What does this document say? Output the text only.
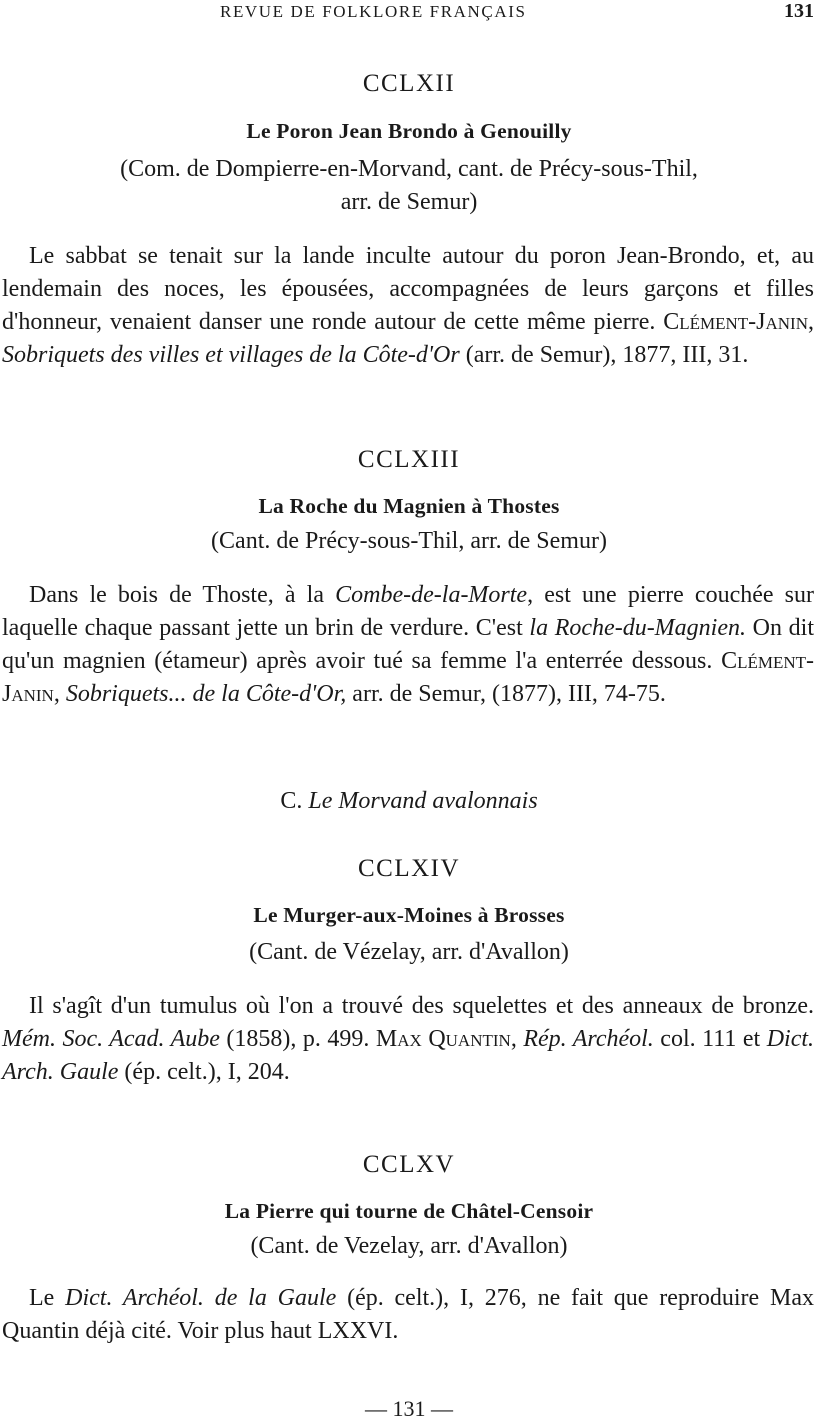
REVUE DE FOLKLORE FRANÇAIS	131
CCLXII
Le Poron Jean Brondo à Genouilly
(Com. de Dompierre-en-Morvand, cant. de Précy-sous-Thil,
arr. de Semur)

Le sabbat se tenait sur la lande inculte autour du poron Jean-Brondo, et, au lendemain des noces, les épousées, accompagnées de leurs garçons et filles d'honneur, venaient danser une ronde autour de cette même pierre. Clément-Janin, Sobriquets des villes et villages de la Côte-d'Or (arr. de Semur), 1877, III, 31.

CCLXIII
La Roche du Magnien à Thostes
(Cant. de Précy-sous-Thil, arr. de Semur)

Dans le bois de Thoste, à la Combe-de-la-Morte, est une pierre couchée sur laquelle chaque passant jette un brin de verdure. C'est la Roche-du-Magnien. On dit qu'un magnien (étameur) après avoir tué sa femme l'a enterrée dessous. Clément-Janin, Sobriquets... de la Côte-d'Or, arr. de Semur, (1877), III, 74-75.

C. Le Morvand avalonnais
CCLXIV
Le Murger-aux-Moines à Brosses
(Cant. de Vézelay, arr. d'Avallon)

Il s'agît d'un tumulus où l'on a trouvé des squelettes et des anneaux de bronze. Mém. Soc. Acad. Aube (1858), p. 499. Max Quantin, Rép. Archéol. col. 111 et Dict. Arch. Gaule (ép. celt.), I, 204.

CCLXV
La Pierre qui tourne de Châtel-Censoir
(Cant. de Vezelay, arr. d'Avallon)

Le Dict. Archéol. de la Gaule (ép. celt.), I, 276, ne fait que reproduire Max Quantin déjà cité. Voir plus haut LXXVI.

— 131 —
